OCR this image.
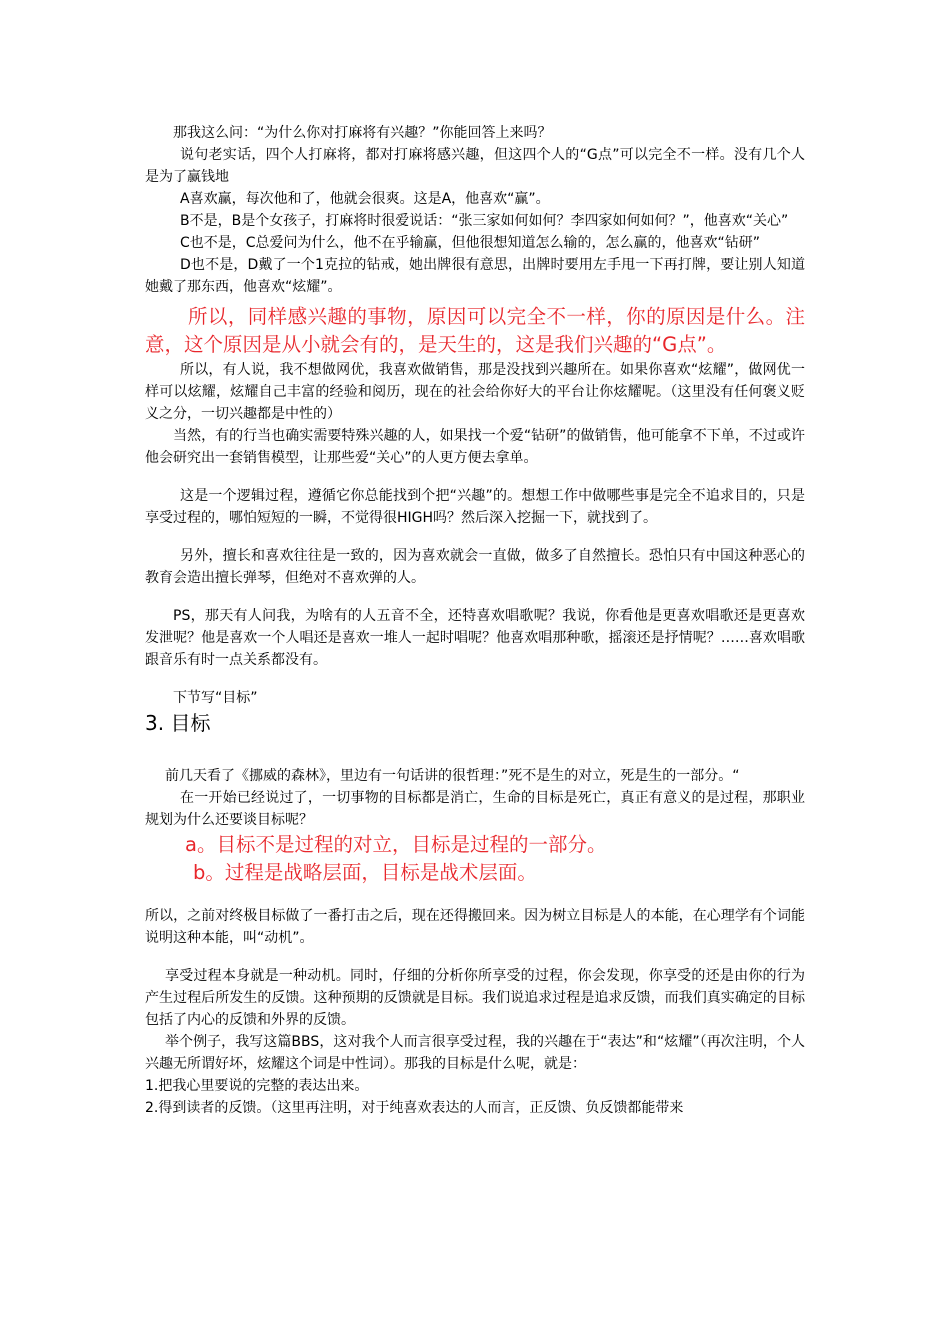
那我这么问：“为什么你对打麻将有兴趣？”你能回答上来吗？

说句老实话，四个人打麻将，都对打麻将感兴趣，但这四个人的“G点”可以完全不一样。没有几个人是为了赢钱地

A喜欢赢，每次他和了，他就会很爽。这是A，他喜欢“赢”。

B不是，B是个女孩子，打麻将时很爱说话：“张三家如何如何？李四家如何如何？”，他喜欢“关心”

C也不是，C总爱问为什么，他不在乎输赢，但他很想知道怎么输的，怎么赢的，他喜欢“钻研”

D也不是，D戴了一个1克拉的钻戒，她出牌很有意思，出牌时要用左手甩一下再打牌，要让别人知道她戴了那东西，他喜欢“炫耀”。

所以，同样感兴趣的事物，原因可以完全不一样，你的原因是什么。注意，这个原因是从小就会有的，是天生的，这是我们兴趣的“G点”。

所以，有人说，我不想做网优，我喜欢做销售，那是没找到兴趣所在。如果你喜欢“炫耀”，做网优一样可以炫耀，炫耀自己丰富的经验和阅历，现在的社会给你好大的平台让你炫耀呢。（这里没有任何褒义贬义之分，一切兴趣都是中性的）

当然，有的行当也确实需要特殊兴趣的人，如果找一个爱“钻研”的做销售，他可能拿不下单，不过或许他会研究出一套销售模型，让那些爱“关心”的人更方便去拿单。

这是一个逻辑过程，遵循它你总能找到个把“兴趣”的。想想工作中做哪些事是完全不追求目的，只是享受过程的，哪怕短短的一瞬，不觉得很HIGH吗？然后深入挖掘一下，就找到了。

另外，擅长和喜欢往往是一致的，因为喜欢就会一直做，做多了自然擅长。恐怕只有中国这种恶心的教育会造出擅长弹琴，但绝对不喜欢弹的人。

PS，那天有人问我，为啥有的人五音不全，还特喜欢唱歌呢？我说，你看他是更喜欢唱歌还是更喜欢发泄呢？他是喜欢一个人唱还是喜欢一堆人一起时唱呢？他喜欢唱那种歌，摇滚还是抒情呢？……喜欢唱歌跟音乐有时一点关系都没有。

下节写“目标”

3. 目标

前几天看了《挪威的森林》，里边有一句话讲的很哲理：”死不是生的对立，死是生的一部分。“

在一开始已经说过了，一切事物的目标都是消亡，生命的目标是死亡，真正有意义的是过程，那职业规划为什么还要谈目标呢？

a。目标不是过程的对立，目标是过程的一部分。

b。过程是战略层面，目标是战术层面。

所以，之前对终极目标做了一番打击之后，现在还得搬回来。因为树立目标是人的本能，在心理学有个词能说明这种本能，叫“动机”。

享受过程本身就是一种动机。同时，仔细的分析你所享受的过程，你会发现，你享受的还是由你的行为产生过程后所发生的反馈。这种预期的反馈就是目标。我们说追求过程是追求反馈，而我们真实确定的目标包括了内心的反馈和外界的反馈。

举个例子，我写这篇BBS，这对我个人而言很享受过程，我的兴趣在于“表达”和“炫耀”（再次注明，个人兴趣无所谓好坏，炫耀这个词是中性词）。那我的目标是什么呢，就是：

1.把我心里要说的完整的表达出来。

2.得到读者的反馈。（这里再注明，对于纯喜欢表达的人而言，正反馈、负反馈都能带来
